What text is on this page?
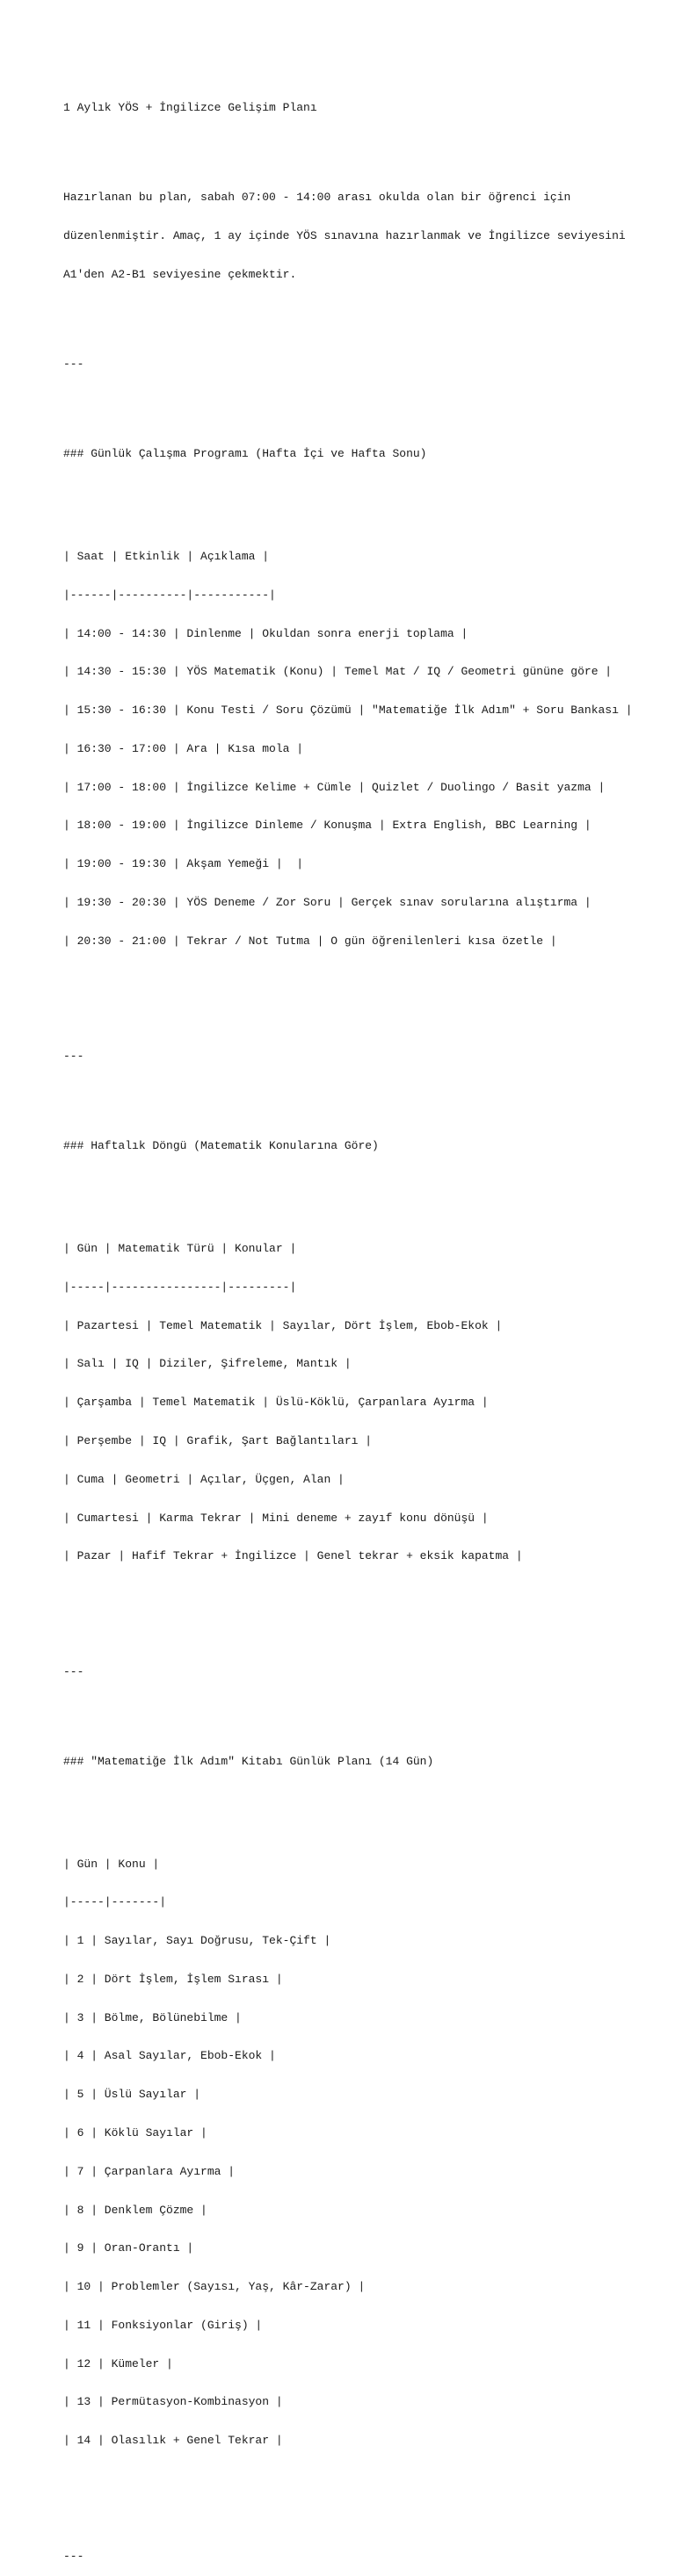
1 Aylık YÖS + İngilizce Gelişim Planı

Hazırlanan bu plan, sabah 07:00 - 14:00 arası okulda olan bir öğrenci için

düzenlenmiştir. Amaç, 1 ay içinde YÖS sınavına hazırlanmak ve İngilizce seviyesini

A1'den A2-B1 seviyesine çekmektir.

---

### Günlük Çalışma Programı (Hafta İçi ve Hafta Sonu)

| Saat | Etkinlik | Açıklama |

|------|----------|-----------|

| 14:00 - 14:30 | Dinlenme | Okuldan sonra enerji toplama |

| 14:30 - 15:30 | YÖS Matematik (Konu) | Temel Mat / IQ / Geometri gününe göre |

| 15:30 - 16:30 | Konu Testi / Soru Çözümü | "Matematiğe İlk Adım" + Soru Bankası |

| 16:30 - 17:00 | Ara | Kısa mola |

| 17:00 - 18:00 | İngilizce Kelime + Cümle | Quizlet / Duolingo / Basit yazma |

| 18:00 - 19:00 | İngilizce Dinleme / Konuşma | Extra English, BBC Learning |

| 19:00 - 19:30 | Akşam Yemeği |  |

| 19:30 - 20:30 | YÖS Deneme / Zor Soru | Gerçek sınav sorularına alıştırma |

| 20:30 - 21:00 | Tekrar / Not Tutma | O gün öğrenilenleri kısa özetle |

---

### Haftalık Döngü (Matematik Konularına Göre)

| Gün | Matematik Türü | Konular |

|-----|----------------|---------|

| Pazartesi | Temel Matematik | Sayılar, Dört İşlem, Ebob-Ekok |

| Salı | IQ | Diziler, Şifreleme, Mantık |

| Çarşamba | Temel Matematik | Üslü-Köklü, Çarpanlara Ayırma |

| Perşembe | IQ | Grafik, Şart Bağlantıları |

| Cuma | Geometri | Açılar, Üçgen, Alan |

| Cumartesi | Karma Tekrar | Mini deneme + zayıf konu dönüşü |

| Pazar | Hafif Tekrar + İngilizce | Genel tekrar + eksik kapatma |

---

### "Matematiğe İlk Adım" Kitabı Günlük Planı (14 Gün)

| Gün | Konu |

|-----|-------|

| 1 | Sayılar, Sayı Doğrusu, Tek-Çift |

| 2 | Dört İşlem, İşlem Sırası |

| 3 | Bölme, Bölünebilme |

| 4 | Asal Sayılar, Ebob-Ekok |

| 5 | Üslü Sayılar |

| 6 | Köklü Sayılar |

| 7 | Çarpanlara Ayırma |

| 8 | Denklem Çözme |

| 9 | Oran-Orantı |

| 10 | Problemler (Sayısı, Yaş, Kâr-Zarar) |

| 11 | Fonksiyonlar (Giriş) |

| 12 | Kümeler |

| 13 | Permütasyon-Kombinasyon |

| 14 | Olasılık + Genel Tekrar |

---
